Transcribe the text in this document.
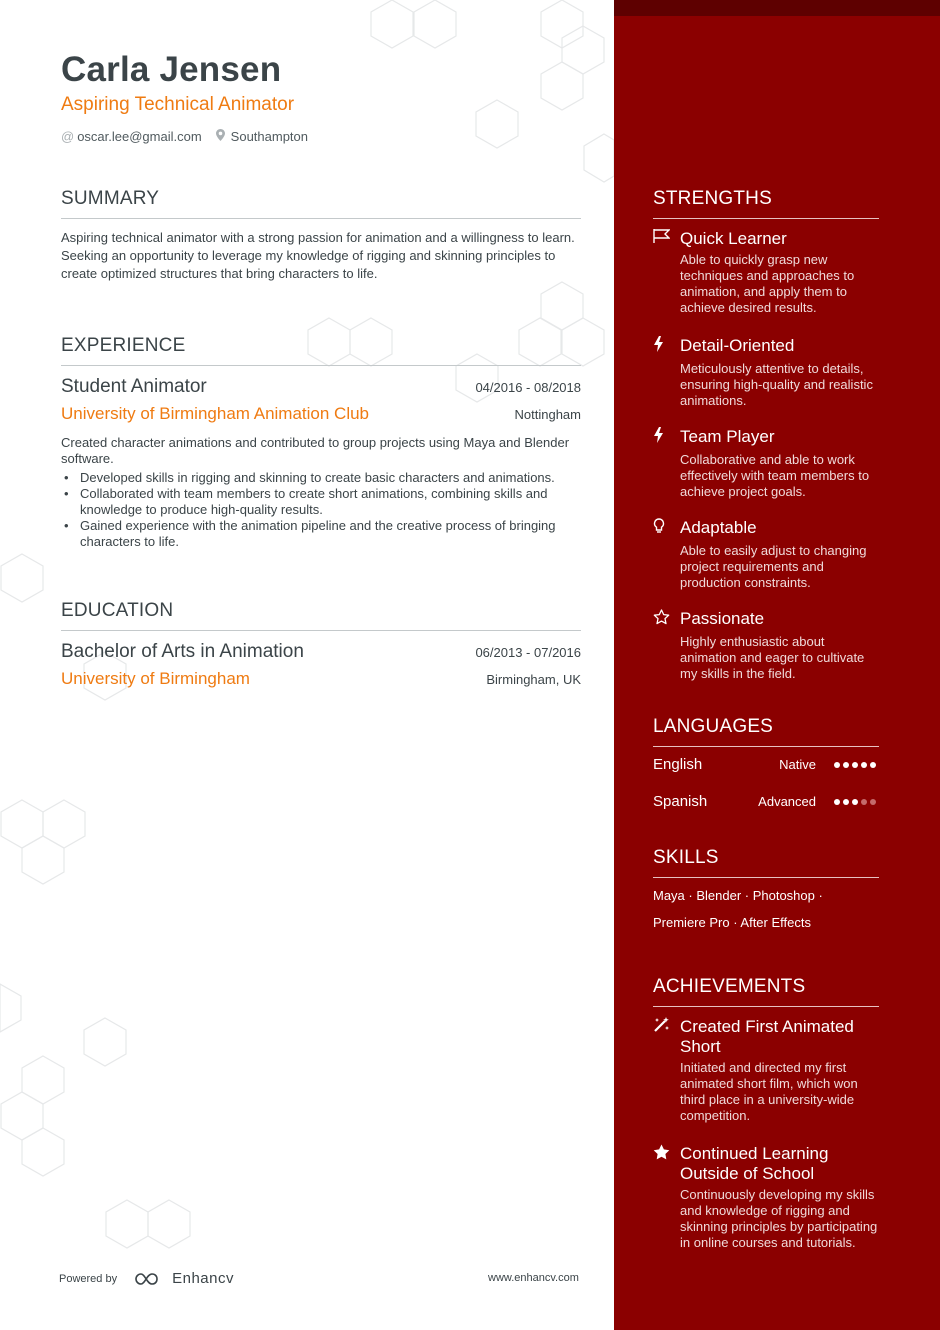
Carla Jensen
Aspiring Technical Animator
@ oscar.lee@gmail.com Southampton
SUMMARY
Aspiring technical animator with a strong passion for animation and a willingness to learn. Seeking an opportunity to leverage my knowledge of rigging and skinning principles to create optimized structures that bring characters to life.
EXPERIENCE
Student Animator	04/2016 - 08/2018
University of Birmingham Animation Club	Nottingham
Created character animations and contributed to group projects using Maya and Blender software.
• Developed skills in rigging and skinning to create basic characters and animations.
• Collaborated with team members to create short animations, combining skills and knowledge to produce high-quality results.
• Gained experience with the animation pipeline and the creative process of bringing characters to life.
EDUCATION
Bachelor of Arts in Animation	06/2013 - 07/2016
University of Birmingham	Birmingham, UK
Powered by	Enhancv	www.enhancv.com
STRENGTHS
Quick Learner
Able to quickly grasp new techniques and approaches to animation, and apply them to achieve desired results.
Detail-Oriented
Meticulously attentive to details, ensuring high-quality and realistic animations.
Team Player
Collaborative and able to work effectively with team members to achieve project goals.
Adaptable
Able to easily adjust to changing project requirements and production constraints.
Passionate
Highly enthusiastic about animation and eager to cultivate my skills in the field.
LANGUAGES
English	Native
Spanish	Advanced
SKILLS
Maya · Blender · Photoshop ·
Premiere Pro · After Effects
ACHIEVEMENTS
Created First Animated Short
Initiated and directed my first animated short film, which won third place in a university-wide competition.
Continued Learning Outside of School
Continuously developing my skills and knowledge of rigging and skinning principles by participating in online courses and tutorials.
